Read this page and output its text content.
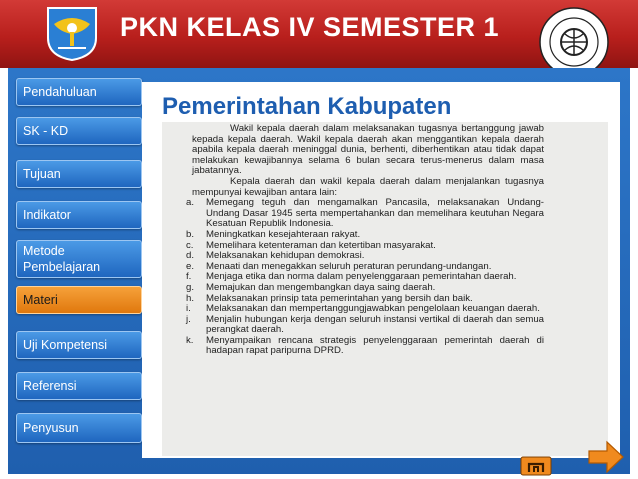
PKN KELAS IV SEMESTER 1
Pendahuluan
SK - KD
Tujuan
Indikator
Metode Pembelajaran
Materi
Uji Kompetensi
Referensi
Penyusun
Pemerintahan Kabupaten

Wakil kepala daerah dalam melaksanakan tugasnya bertanggung jawab kepada kepala daerah. Wakil kepala daerah akan menggantikan kepala daerah apabila kepala daerah meninggal dunia, berhenti, diberhentikan atau tidak dapat melakukan kewajibannya selama 6 bulan secara terus-menerus dalam masa jabatannya.

Kepala daerah dan wakil kepala daerah dalam menjalankan tugasnya mempunyai kewajiban antara lain:

a. Memegang teguh dan mengamalkan Pancasila, melaksanakan Undang-Undang Dasar 1945 serta mempertahankan dan memelihara keutuhan Negara Kesatuan Republik Indonesia.
b. Meningkatkan kesejahteraan rakyat.
c. Memelihara ketenteraman dan ketertiban masyarakat.
d. Melaksanakan kehidupan demokrasi.
e. Menaati dan menegakkan seluruh peraturan perundang-undangan.
f. Menjaga etika dan norma dalam penyelenggaraan pemerintahan daerah.
g. Memajukan dan mengembangkan daya saing daerah.
h. Melaksanakan prinsip tata pemerintahan yang bersih dan baik.
i. Melaksanakan dan mempertanggungjawabkan pengelolaan keuangan daerah.
j. Menjalin hubungan kerja dengan seluruh instansi vertikal di daerah dan semua perangkat daerah.
k. Menyampaikan rencana strategis penyelenggaraan pemerintah daerah di hadapan rapat paripurna DPRD.
